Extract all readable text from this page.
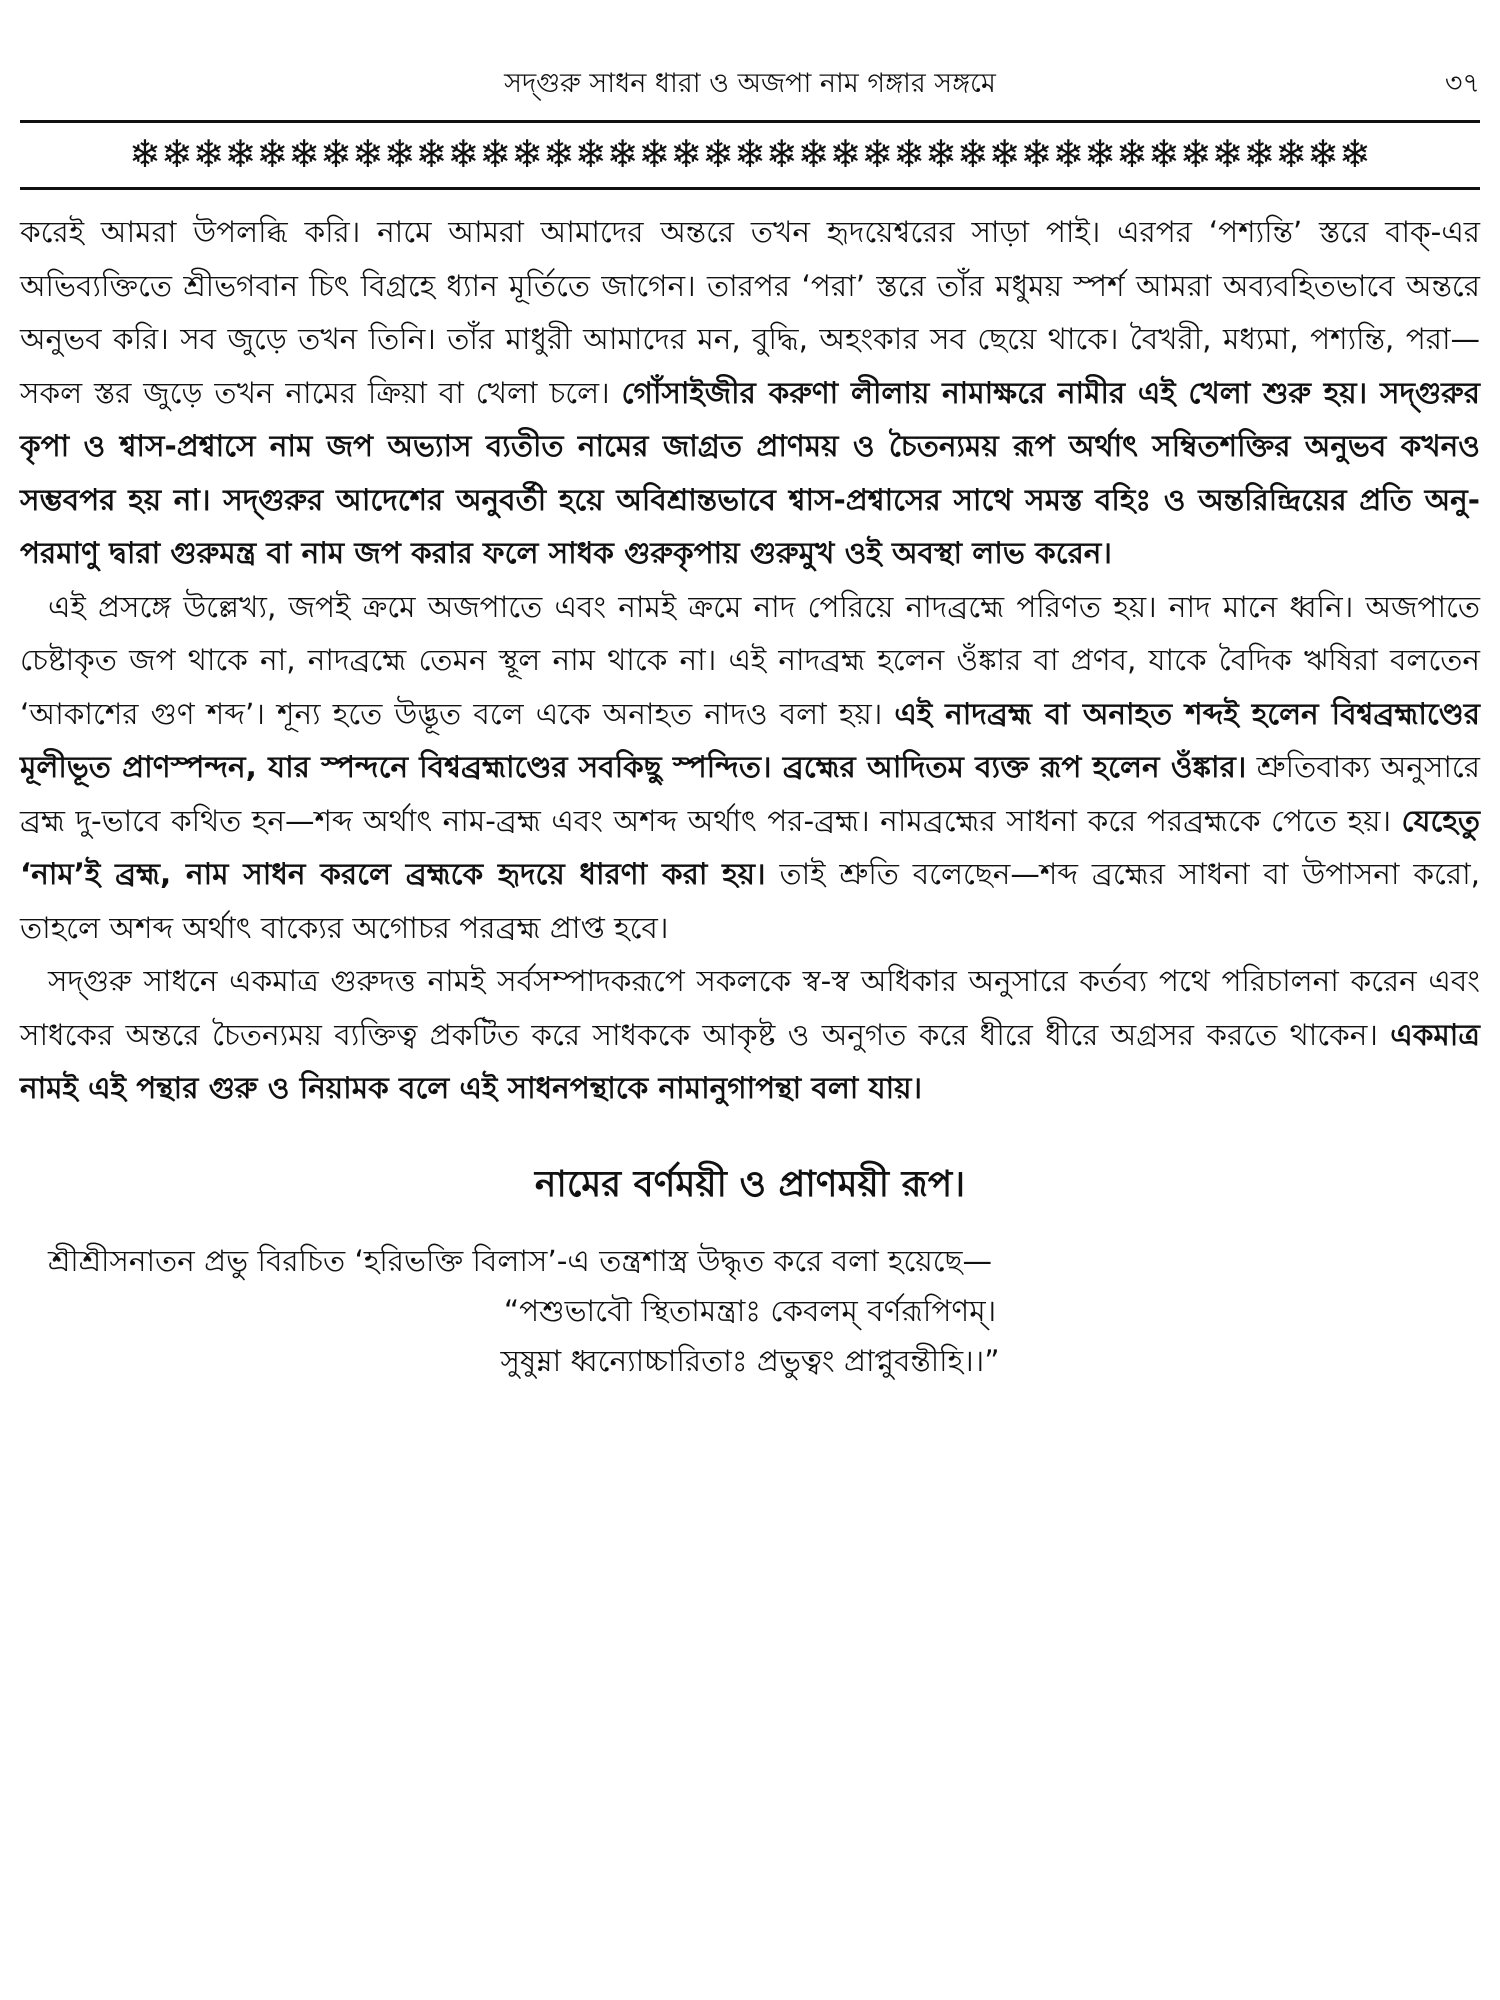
সদ্‌গুরু সাধন ধারা ও অজপা নাম গঙ্গার সঙ্গমে	৩৭
❄❄❄❄❄❄❄❄❄❄❄❄❄❄❄❄❄❄❄❄❄❄❄❄❄❄❄❄❄❄❄❄❄❄❄❄❄❄❄

করেই আমরা উপলব্ধি করি। নামে আমরা আমাদের অন্তরে তখন হৃদয়েশ্বরের সাড়া পাই। এরপর ‘পশ্যন্তি’ স্তরে বাক্-এর অভিব্যক্তিতে শ্রীভগবান চিৎ বিগ্রহে ধ্যান মূর্তিতে জাগেন। তারপর ‘পরা’ স্তরে তাঁর মধুময় স্পর্শ আমরা অব্যবহিতভাবে অন্তরে অনুভব করি। সব জুড়ে তখন তিনি। তাঁর মাধুরী আমাদের মন, বুদ্ধি, অহংকার সব ছেয়ে থাকে। বৈখরী, মধ্যমা, পশ্যন্তি, পরা—সকল স্তর জুড়ে তখন নামের ক্রিয়া বা খেলা চলে। গোঁসাইজীর করুণা লীলায় নামাক্ষরে নামীর এই খেলা শুরু হয়। সদ্‌গুরুর কৃপা ও শ্বাস-প্রশ্বাসে নাম জপ অভ্যাস ব্যতীত নামের জাগ্রত প্রাণময় ও চৈতন্যময় রূপ অর্থাৎ সম্বিতশক্তির অনুভব কখনও সম্ভবপর হয় না। সদ্‌গুরুর আদেশের অনুবর্তী হয়ে অবিশ্রান্তভাবে শ্বাস-প্রশ্বাসের সাথে সমস্ত বহিঃ ও অন্তরিন্দ্রিয়ের প্রতি অনু-পরমাণু দ্বারা গুরুমন্ত্র বা নাম জপ করার ফলে সাধক গুরুকৃপায় গুরুমুখ ওই অবস্থা লাভ করেন।

এই প্রসঙ্গে উল্লেখ্য, জপই ক্রমে অজপাতে এবং নামই ক্রমে নাদ পেরিয়ে নাদব্রহ্মে পরিণত হয়। নাদ মানে ধ্বনি। অজপাতে চেষ্টাকৃত জপ থাকে না, নাদব্রহ্মে তেমন স্থূল নাম থাকে না। এই নাদব্রহ্ম হলেন ওঁঙ্কার বা প্রণব, যাকে বৈদিক ঋষিরা বলতেন ‘আকাশের গুণ শব্দ’। শূন্য হতে উদ্ভূত বলে একে অনাহত নাদও বলা হয়। এই নাদব্রহ্ম বা অনাহত শব্দই হলেন বিশ্বব্রহ্মাণ্ডের মূলীভূত প্রাণস্পন্দন, যার স্পন্দনে বিশ্বব্রহ্মাণ্ডের সবকিছু স্পন্দিত। ব্রহ্মের আদিতম ব্যক্ত রূপ হলেন ওঁঙ্কার। শ্রুতিবাক্য অনুসারে ব্রহ্ম দু-ভাবে কথিত হন—শব্দ অর্থাৎ নাম-ব্রহ্ম এবং অশব্দ অর্থাৎ পর-ব্রহ্ম। নামব্রহ্মের সাধনা করে পরব্রহ্মকে পেতে হয়। যেহেতু ‘নাম’ই ব্রহ্ম, নাম সাধন করলে ব্রহ্মকে হৃদয়ে ধারণা করা হয়। তাই শ্রুতি বলেছেন—শব্দ ব্রহ্মের সাধনা বা উপাসনা করো, তাহলে অশব্দ অর্থাৎ বাক্যের অগোচর পরব্রহ্ম প্রাপ্ত হবে।

সদ্‌গুরু সাধনে একমাত্র গুরুদত্ত নামই সর্বসম্পাদকরূপে সকলকে স্ব-স্ব অধিকার অনুসারে কর্তব্য পথে পরিচালনা করেন এবং সাধকের অন্তরে চৈতন্যময় ব্যক্তিত্ব প্রকটিত করে সাধককে আকৃষ্ট ও অনুগত করে ধীরে ধীরে অগ্রসর করতে থাকেন। একমাত্র নামই এই পন্থার গুরু ও নিয়ামক বলে এই সাধনপন্থাকে নামানুগাপন্থা বলা যায়।

নামের বর্ণময়ী ও প্রাণময়ী রূপ।
শ্রীশ্রীসনাতন প্রভু বিরচিত ‘হরিভক্তি বিলাস’-এ তন্ত্রশাস্ত্র উদ্ধৃত করে বলা হয়েছে—
“পশুভাবৌ স্থিতামন্ত্রাঃ কেবলম্ বর্ণরূপিণম্।
সুষুম্না ধ্বন্যোচ্চারিতাঃ প্রভুত্বং প্রাপ্নুবন্তীহি।।”
